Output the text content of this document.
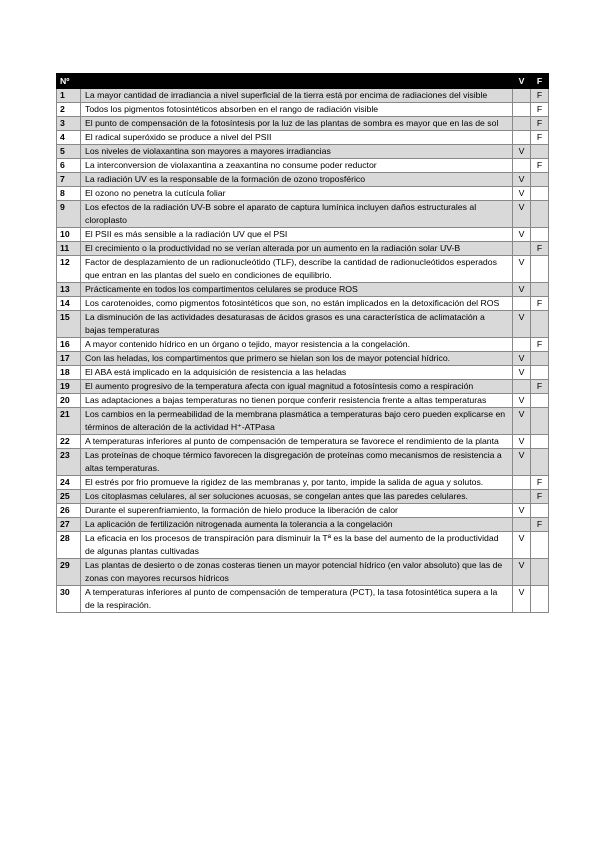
Nº		V	F
1	La mayor cantidad de irradiancia a nivel superficial de la tierra está por encima de radiaciones del visible		F
2	Todos los pigmentos fotosintéticos absorben en el rango de radiación visible		F
3	El punto de compensación de la fotosíntesis por la luz de las plantas de sombra es mayor que en las de sol		F
4	El radical superóxido se produce a nivel del PSII		F
5	Los niveles de violaxantina son mayores a mayores irradiancias	V	
6	La interconversion de violaxantina a zeaxantina no consume poder reductor		F
7	La radiación UV es la responsable de la formación de ozono troposférico	V	
8	El ozono no penetra la cutícula foliar	V	
9	Los efectos de la radiación UV-B sobre el aparato de captura lumínica incluyen daños estructurales al cloroplasto	V	
10	El PSII es más sensible a la radiación UV que el PSI	V	
11	El crecimiento o la productividad no se verían alterada por un aumento en la radiación solar UV-B		F
12	Factor de desplazamiento de un radionucleótido (TLF), describe la cantidad de radionucleótidos esperados que entran en las plantas del suelo en condiciones de equilibrio.	V	
13	Prácticamente en todos los compartimentos celulares se produce ROS	V	
14	Los carotenoides, como pigmentos fotosintéticos que son, no están implicados en la detoxificación del ROS		F
15	La disminución de las actividades desaturasas de ácidos grasos es una característica de aclimatación a bajas temperaturas	V	
16	A mayor contenido hídrico en un órgano o tejido, mayor resistencia a la congelación.		F
17	Con las heladas, los compartimentos que primero se hielan son los de mayor potencial hídrico.	V	
18	El ABA está implicado en la adquisición de resistencia a las heladas	V	
19	El aumento progresivo de la temperatura afecta con igual magnitud a fotosíntesis como a respiración		F
20	Las adaptaciones a bajas temperaturas no tienen porque conferir resistencia frente a altas temperaturas	V	
21	Los cambios en la permeabilidad de la membrana plasmática a temperaturas bajo cero pueden explicarse en términos de alteración de la actividad H⁺-ATPasa	V	
22	A temperaturas inferiores al punto de compensación de temperatura se favorece el rendimiento de la planta	V	
23	Las proteínas de choque térmico favorecen la disgregación de proteínas como mecanismos de resistencia a altas temperaturas.	V	
24	El estrés por frio promueve la rigidez de las membranas y, por tanto, impide la salida de agua y solutos.		F
25	Los citoplasmas celulares, al ser soluciones acuosas, se congelan antes que las paredes celulares.		F
26	Durante el superenfriamiento, la formación de hielo produce la liberación de calor	V	
27	La aplicación de fertilización nitrogenada aumenta la tolerancia a la congelación		F
28	La eficacia en los procesos de transpiración para disminuir la Tª es la base del aumento de la productividad de algunas plantas cultivadas	V	
29	Las plantas de desierto o de zonas costeras tienen un mayor potencial hídrico (en valor absoluto) que las de zonas con mayores recursos hídricos	V	
30	A temperaturas inferiores al punto de compensación de temperatura (PCT), la tasa fotosintética supera a la de la respiración.	V	
